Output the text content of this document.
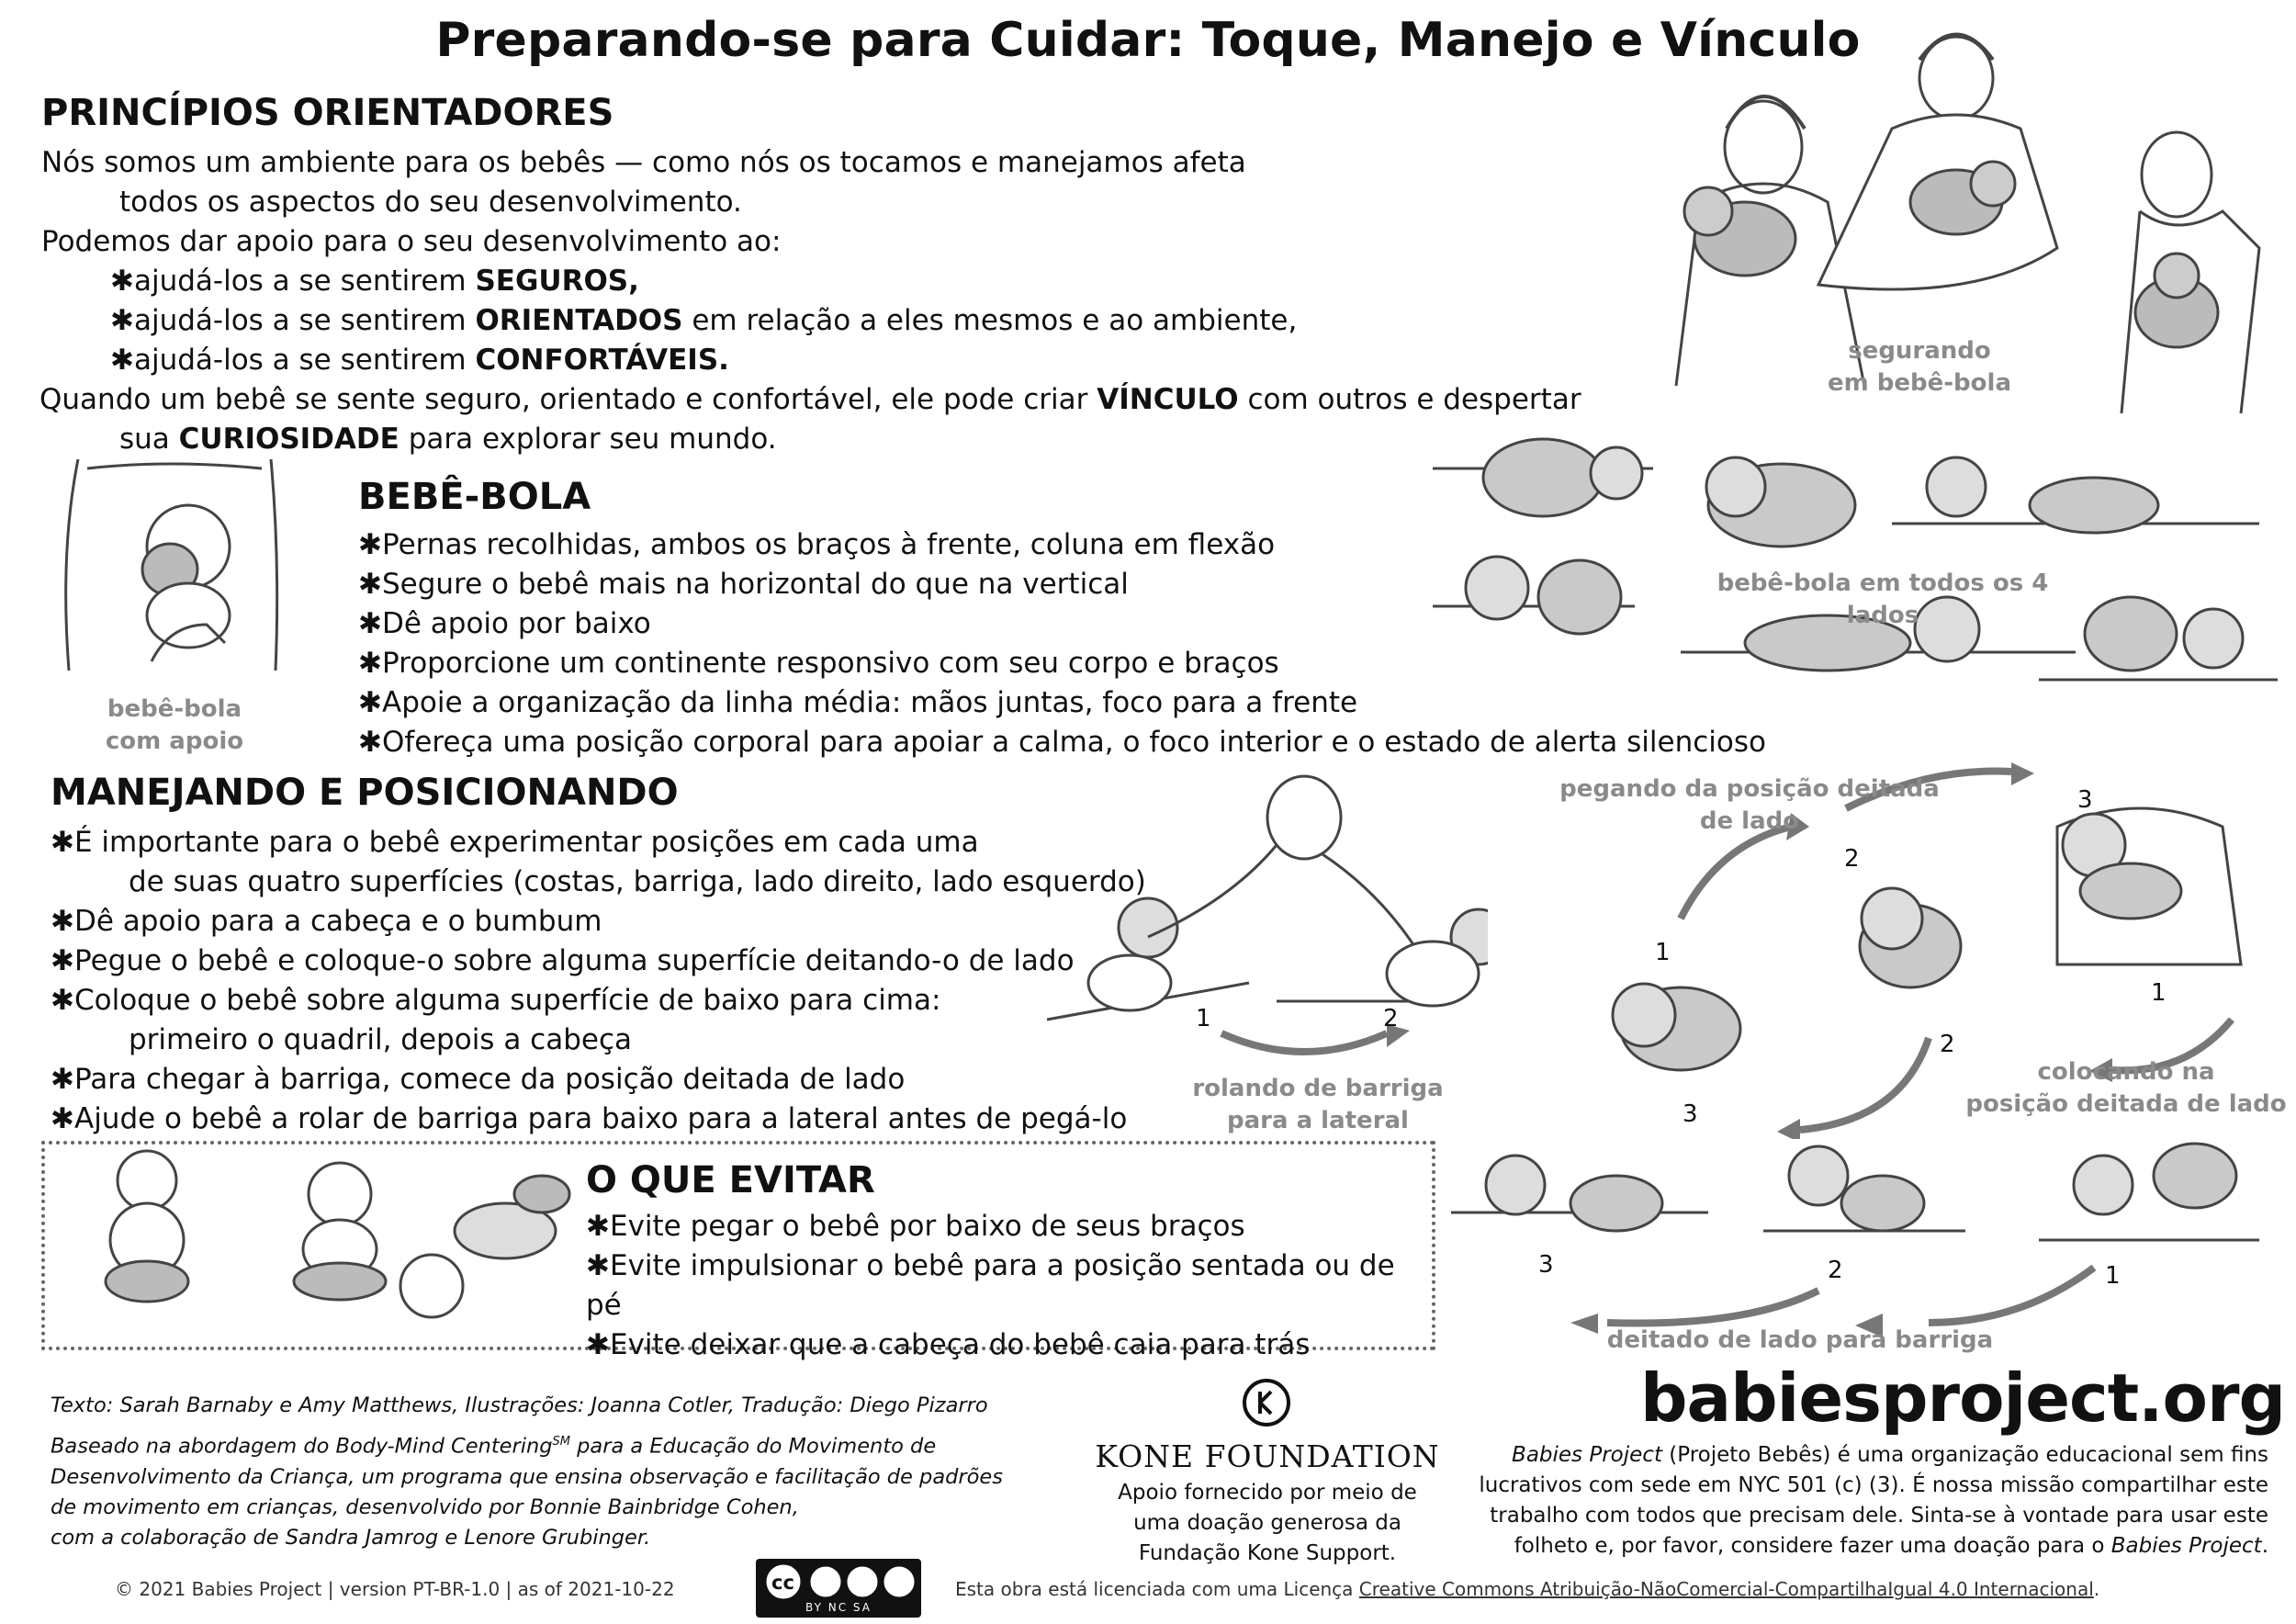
Preparando-se para Cuidar: Toque, Manejo e Vínculo
PRINCÍPIOS ORIENTADORES
Nós somos um ambiente para os bebês — como nós os tocamos e manejamos afeta
todos os aspectos do seu desenvolvimento.
Podemos dar apoio para o seu desenvolvimento ao:
✱ ajudá-los a se sentirem SEGUROS,
✱ ajudá-los a se sentirem ORIENTADOS em relação a eles mesmos e ao ambiente,
✱ ajudá-los a se sentirem CONFORTÁVEIS.
Quando um bebê se sente seguro, orientado e confortável, ele pode criar VÍNCULO com outros e despertar
sua CURIOSIDADE para explorar seu mundo.
segurando
em bebê-bola
bebê-bola
com apoio
BEBÊ-BOLA
✱ Pernas recolhidas, ambos os braços à frente, coluna em flexão
✱ Segure o bebê mais na horizontal do que na vertical
✱ Dê apoio por baixo
✱ Proporcione um continente responsivo com seu corpo e braços
✱ Apoie a organização da linha média: mãos juntas, foco para a frente
✱ Ofereça uma posição corporal para apoiar a calma, o foco interior e o estado de alerta silencioso
bebê-bola em todos os 4 lados
MANEJANDO E POSICIONANDO
✱ É importante para o bebê experimentar posições em cada uma
de suas quatro superfícies (costas, barriga, lado direito, lado esquerdo)
✱ Dê apoio para a cabeça e o bumbum
✱ Pegue o bebê e coloque-o sobre alguma superfície deitando-o de lado
✱ Coloque o bebê sobre alguma superfície de baixo para cima:
primeiro o quadril, depois a cabeça
✱ Para chegar à barriga, comece da posição deitada de lado
✱ Ajude o bebê a rolar de barriga para baixo para a lateral antes de pegá-lo
1	2
rolando de barriga
para a lateral
pegando da posição deitada
de lado
1
2
3
1
2
3
colocando na
posição deitada de lado
3	2	1
deitado de lado para barriga
O QUE EVITAR
✱ Evite pegar o bebê por baixo de seus braços
✱ Evite impulsionar o bebê para a posição sentada ou de pé
✱ Evite deixar que a cabeça do bebê caia para trás
Texto: Sarah Barnaby e Amy Matthews, Ilustrações: Joanna Cotler, Tradução: Diego Pizarro
Baseado na abordagem do Body-Mind Centering℠ para a Educação do Movimento de
Desenvolvimento da Criança, um programa que ensina observação e facilitação de padrões
de movimento em crianças, desenvolvido por Bonnie Bainbridge Cohen,
com a colaboração de Sandra Jamrog e Lenore Grubinger.
KONE FOUNDATION
Apoio fornecido por meio de
uma doação generosa da
Fundação Kone Support.
babiesproject.org
Babies Project (Projeto Bebês) é uma organização educacional sem fins
lucrativos com sede em NYC 501 (c) (3). É nossa missão compartilhar este
trabalho com todos que precisam dele. Sinta-se à vontade para usar este
folheto e, por favor, considere fazer uma doação para o Babies Project.
© 2021 Babies Project | version PT-BR-1.0 | as of 2021-10-22	cc
BY NC SA
Esta obra está licenciada com uma Licença Creative Commons Atribuição-NãoComercial-CompartilhaIgual 4.0 Internacional.
